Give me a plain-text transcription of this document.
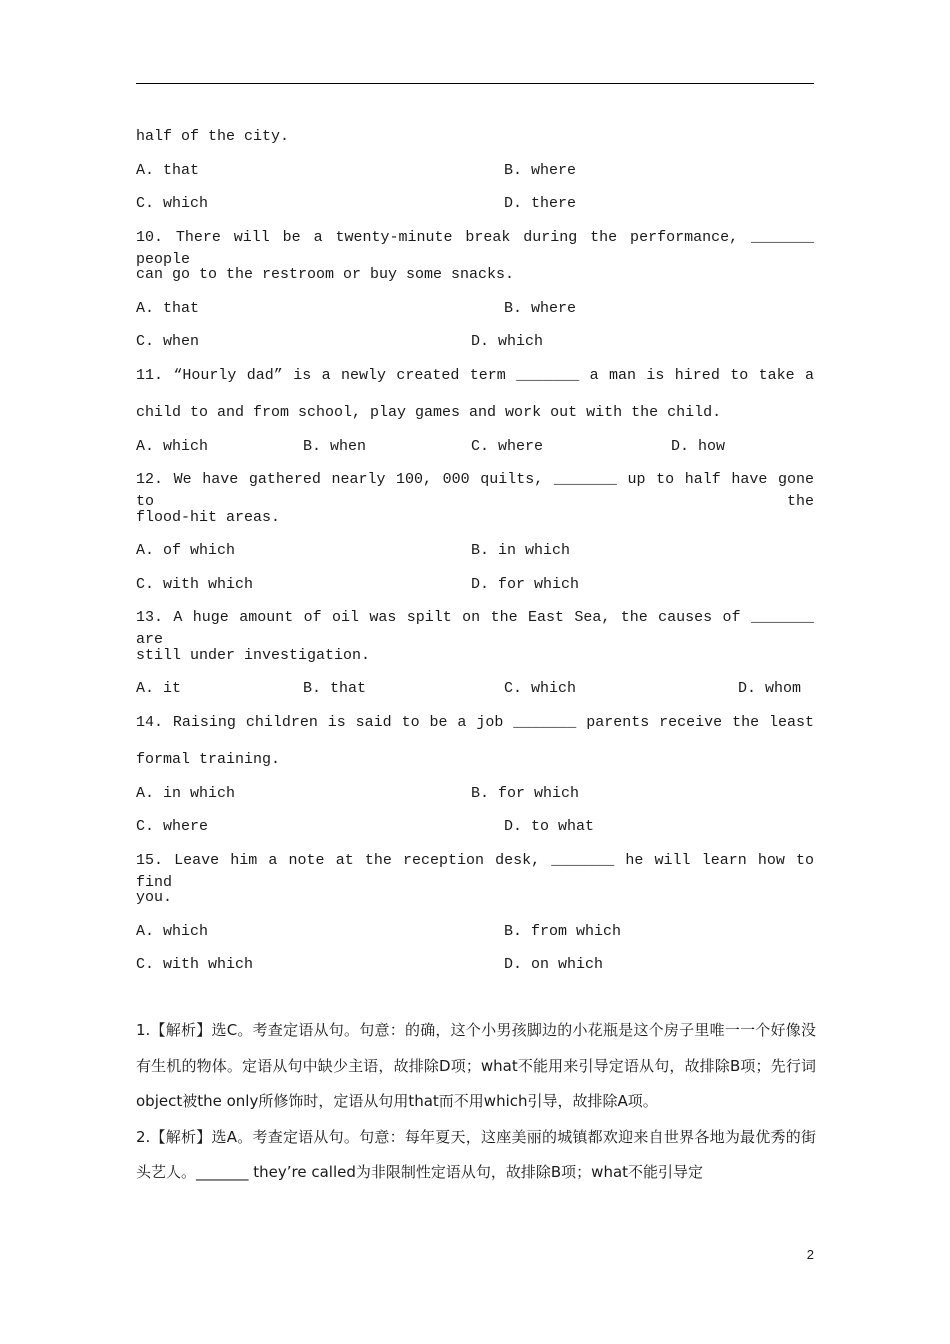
half of the city.
A. that	B. where
C. which	D. there
10. There will be a twenty-minute break during the performance, _______ people
can go to the restroom or buy some snacks.
A. that	B. where
C. when	D. which
11. “Hourly dad” is a newly created term _______ a man is hired to take a
child to and from school, play games and work out with the child.
A. which	B. when	C. where	D. how
12. We have gathered nearly 100, 000 quilts, _______ up to half have gone to the
flood-hit areas.
A. of which	B. in which
C. with which	D. for which
13. A huge amount of oil was spilt on the East Sea, the causes of _______ are
still under investigation.
A. it	B. that	C. which	D. whom
14. Raising children is said to be a job _______ parents receive the least
formal training.
A. in which	B. for which
C. where	D. to what
15. Leave him a note at the reception desk, _______ he will learn how to find
you.
A. which	B. from which
C. with which	D. on which

1.【解析】选C。考查定语从句。句意：的确，这个小男孩脚边的小花瓶是这个房子里唯一一个好像没有生机的物体。定语从句中缺少主语，故排除D项；what不能用来引导定语从句，故排除B项；先行词object被the only所修饰时，定语从句用that而不用which引导，故排除A项。

2.【解析】选A。考查定语从句。句意：每年夏天，这座美丽的城镇都欢迎来自世界各地为最优秀的街头艺人。_______ they’re called为非限制性定语从句，故排除B项；what不能引导定

2
